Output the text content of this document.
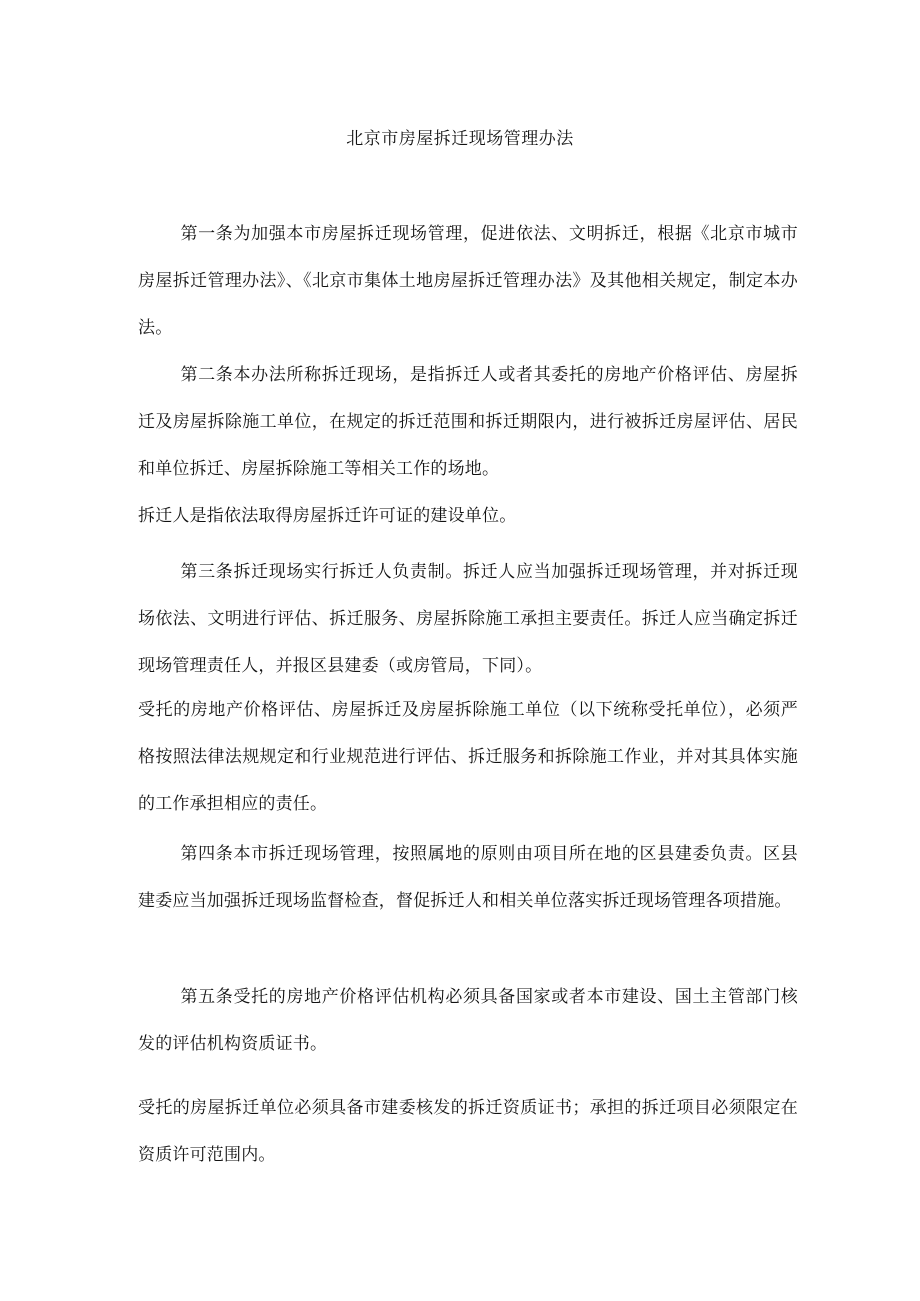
北京市房屋拆迁现场管理办法

第一条为加强本市房屋拆迁现场管理，促进依法、文明拆迁，根据《北京市城市房屋拆迁管理办法》、《北京市集体土地房屋拆迁管理办法》及其他相关规定，制定本办法。

第二条本办法所称拆迁现场，是指拆迁人或者其委托的房地产价格评估、房屋拆迁及房屋拆除施工单位，在规定的拆迁范围和拆迁期限内，进行被拆迁房屋评估、居民和单位拆迁、房屋拆除施工等相关工作的场地。

拆迁人是指依法取得房屋拆迁许可证的建设单位。

第三条拆迁现场实行拆迁人负责制。拆迁人应当加强拆迁现场管理，并对拆迁现场依法、文明进行评估、拆迁服务、房屋拆除施工承担主要责任。拆迁人应当确定拆迁现场管理责任人，并报区县建委（或房管局，下同）。

受托的房地产价格评估、房屋拆迁及房屋拆除施工单位（以下统称受托单位），必须严格按照法律法规规定和行业规范进行评估、拆迁服务和拆除施工作业，并对其具体实施的工作承担相应的责任。

第四条本市拆迁现场管理，按照属地的原则由项目所在地的区县建委负责。区县建委应当加强拆迁现场监督检查，督促拆迁人和相关单位落实拆迁现场管理各项措施。

第五条受托的房地产价格评估机构必须具备国家或者本市建设、国土主管部门核发的评估机构资质证书。

受托的房屋拆迁单位必须具备市建委核发的拆迁资质证书；承担的拆迁项目必须限定在资质许可范围内。
